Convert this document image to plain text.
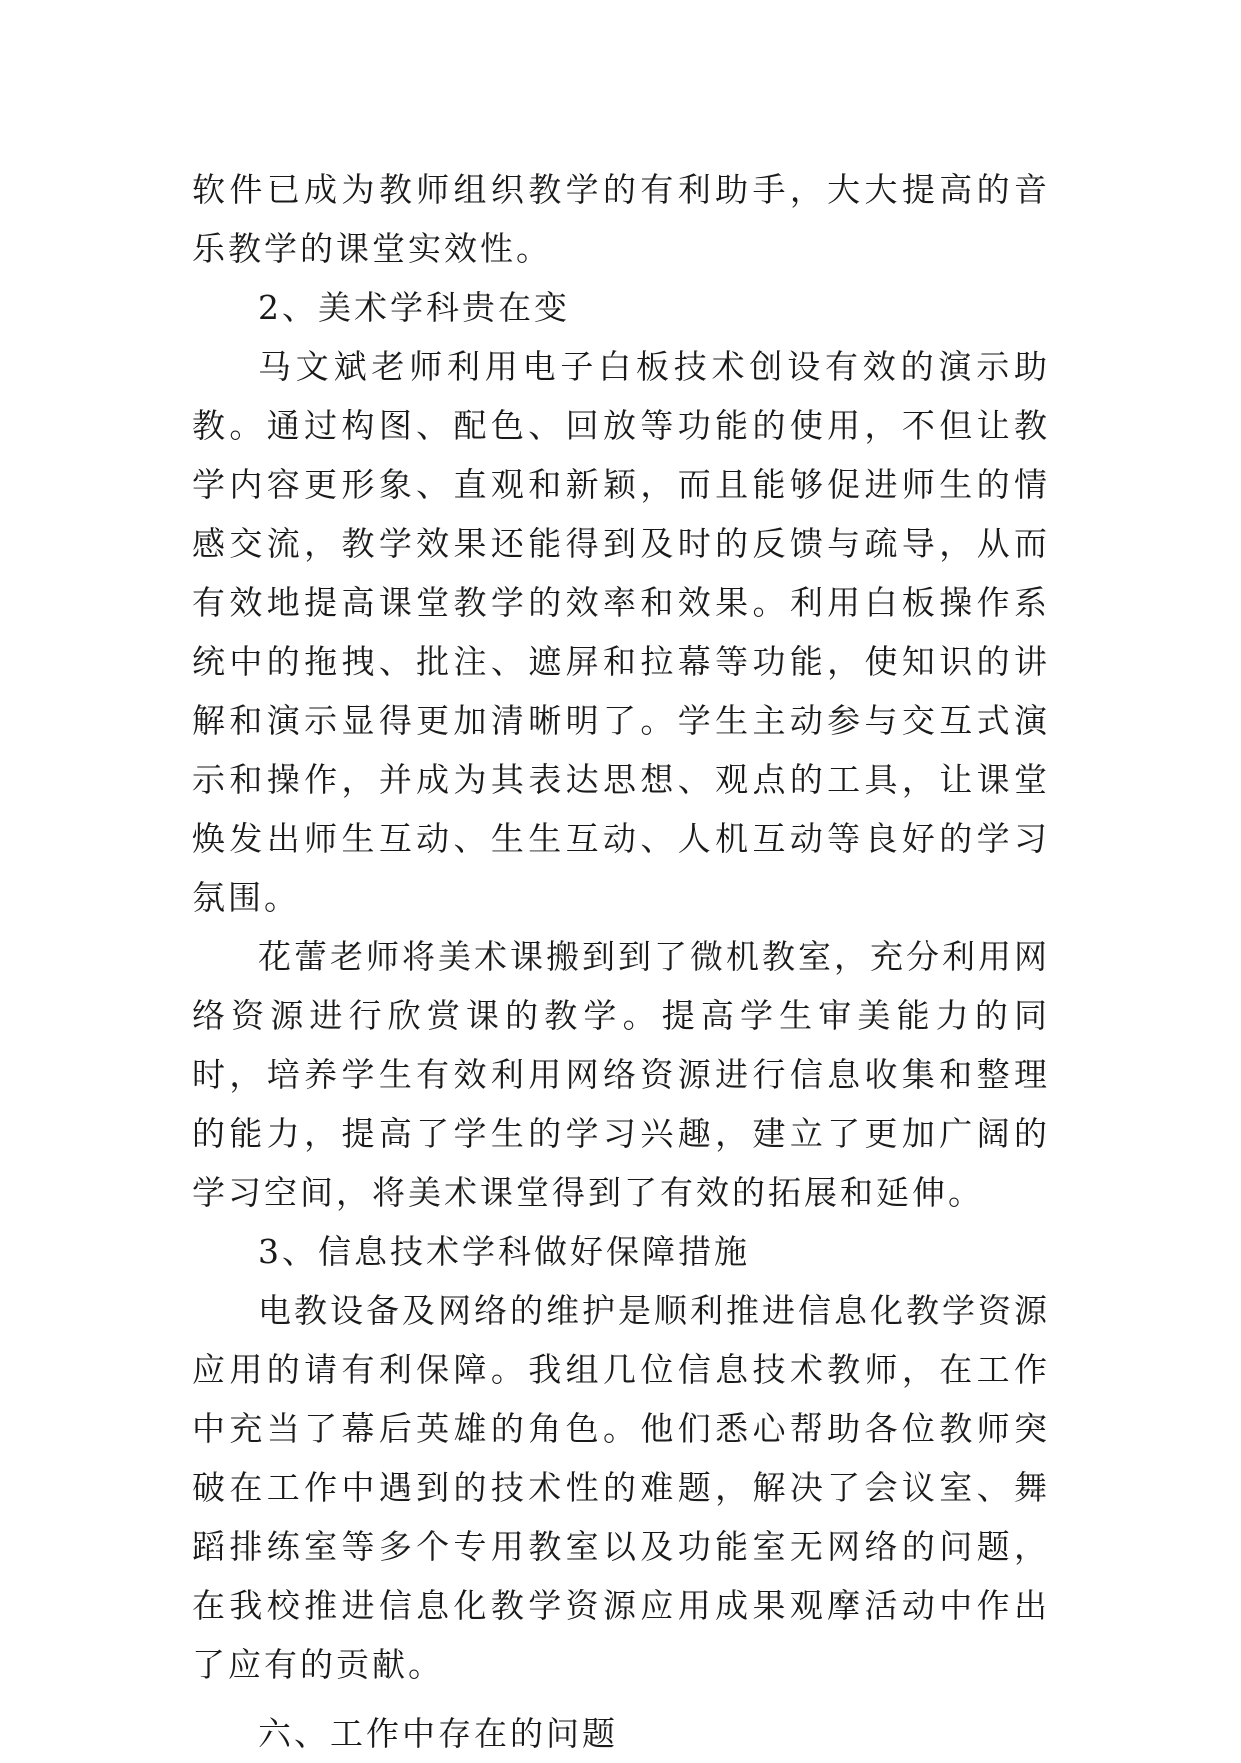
软件已成为教师组织教学的有利助手，大大提高的音乐教学的课堂实效性。

2、美术学科贵在变

马文斌老师利用电子白板技术创设有效的演示助教。通过构图、配色、回放等功能的使用，不但让教学内容更形象、直观和新颖，而且能够促进师生的情感交流，教学效果还能得到及时的反馈与疏导，从而有效地提高课堂教学的效率和效果。利用白板操作系统中的拖拽、批注、遮屏和拉幕等功能，使知识的讲解和演示显得更加清晰明了。学生主动参与交互式演示和操作，并成为其表达思想、观点的工具，让课堂焕发出师生互动、生生互动、人机互动等良好的学习氛围。

花蕾老师将美术课搬到到了微机教室，充分利用网络资源进行欣赏课的教学。提高学生审美能力的同时，培养学生有效利用网络资源进行信息收集和整理的能力，提高了学生的学习兴趣，建立了更加广阔的学习空间，将美术课堂得到了有效的拓展和延伸。

3、信息技术学科做好保障措施

电教设备及网络的维护是顺利推进信息化教学资源应用的请有利保障。我组几位信息技术教师，在工作中充当了幕后英雄的角色。他们悉心帮助各位教师突破在工作中遇到的技术性的难题，解决了会议室、舞蹈排练室等多个专用教室以及功能室无网络的问题，在我校推进信息化教学资源应用成果观摩活动中作出了应有的贡献。

六、工作中存在的问题
